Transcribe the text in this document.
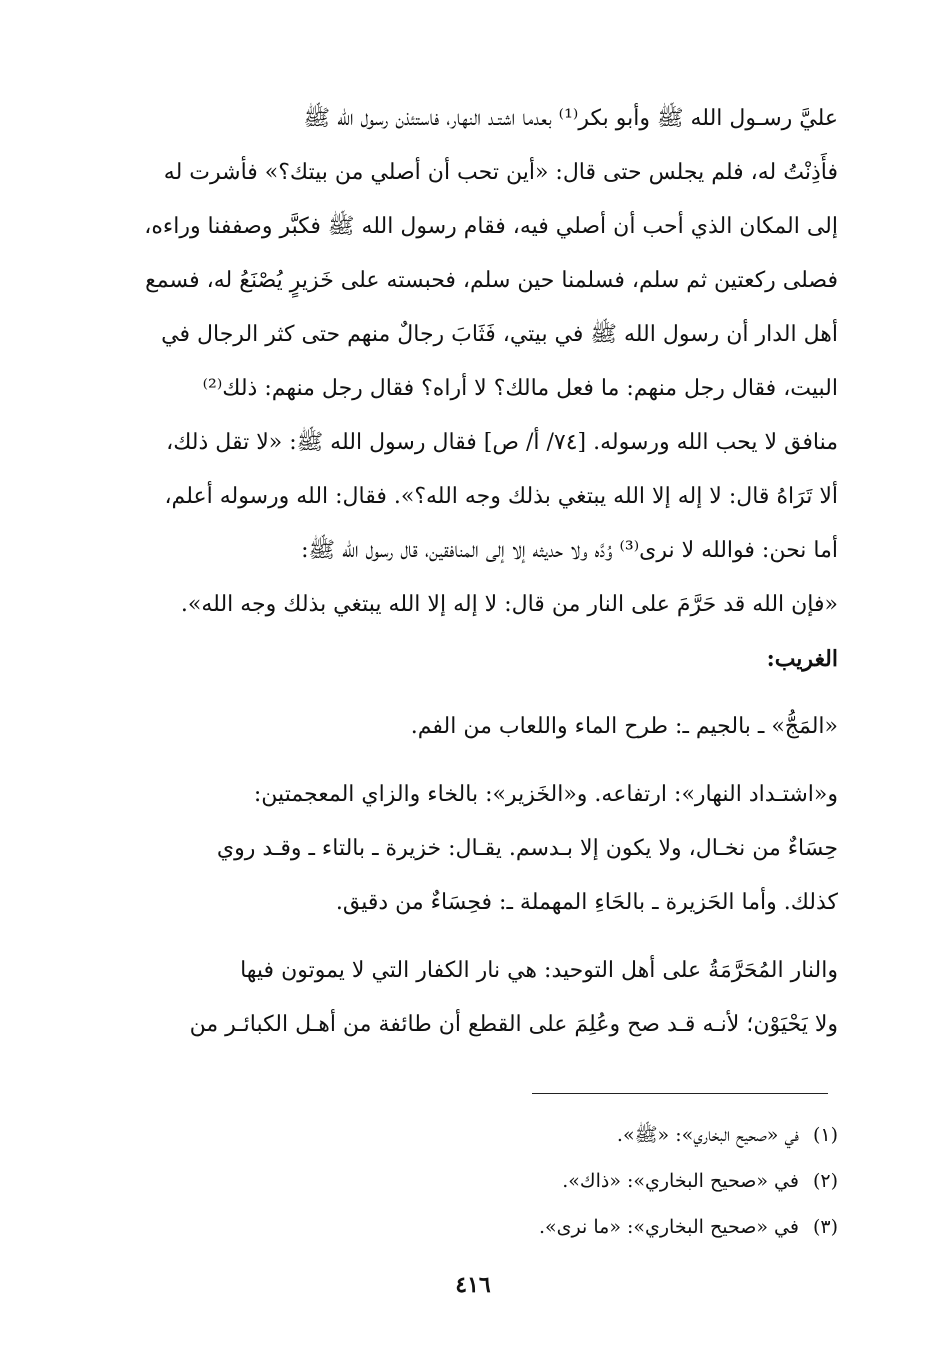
عليَّ رسـول الله ﷺ وأبو بكر⁽¹⁾ بعدما اشتـد النهار، فاستئذن رسول الله ﷺ

فأَذِنْتُ له، فلم يجلس حتى قال: «أين تحب أن أصلي من بيتك؟» فأشرت له

إلى المكان الذي أحب أن أصلي فيه، فقام رسول الله ﷺ فكبَّر وصففنا وراءه،

فصلى ركعتين ثم سلم، فسلمنا حين سلم، فحبسته على خَزيرٍ يُصْنَعُ له، فسمع

أهل الدار أن رسول الله ﷺ في بيتي، فَثَابَ رجالٌ منهم حتى كثر الرجال في

البيت، فقال رجل منهم: ما فعل مالك؟ لا أراه؟ فقال رجل منهم: ذلك⁽²⁾

منافق لا يحب الله ورسوله. [٧٤/ أ/ ص] فقال رسول الله ﷺ: «لا تقل ذلك،

ألا تَرَاهُ قال: لا إله إلا الله يبتغي بذلك وجه الله؟». فقال: الله ورسوله أعلم،

أما نحن: فوالله لا نرى⁽³⁾ وُدَّه ولا حديثه إلا إلى المنافقين، قال رسول الله ﷺ:

«فإن الله قد حَرَّمَ على النار من قال: لا إله إلا الله يبتغي بذلك وجه الله».

الغريب:

«المَجُّ» ـ بالجيم ـ: طرح الماء واللعاب من الفم.

و«اشتـداد النهار»: ارتفاعه. و«الخَزير»: بالخاء والزاي المعجمتين:

حِسَاءٌ من نخـال، ولا يكون إلا بـدسم. يقـال: خزيرة ـ بالتاء ـ وقـد روي

كذلك. وأما الحَزيرة ـ بالحَاءِ المهملة ـ: فحِسَاءٌ من دقيق.

والنار المُحَرَّمَةُ على أهل التوحيد: هي نار الكفار التي لا يموتون فيها

ولا يَحْيَوْن؛ لأنـه قـد صح وعُلِمَ على القطع أن طائفة من أهـل الكبائـر من

(١)في «صحيح البخاري»: «ﷺ».
(٢)في «صحيح البخاري»: «ذاك».
(٣)في «صحيح البخاري»: «ما نرى».
٤١٦
